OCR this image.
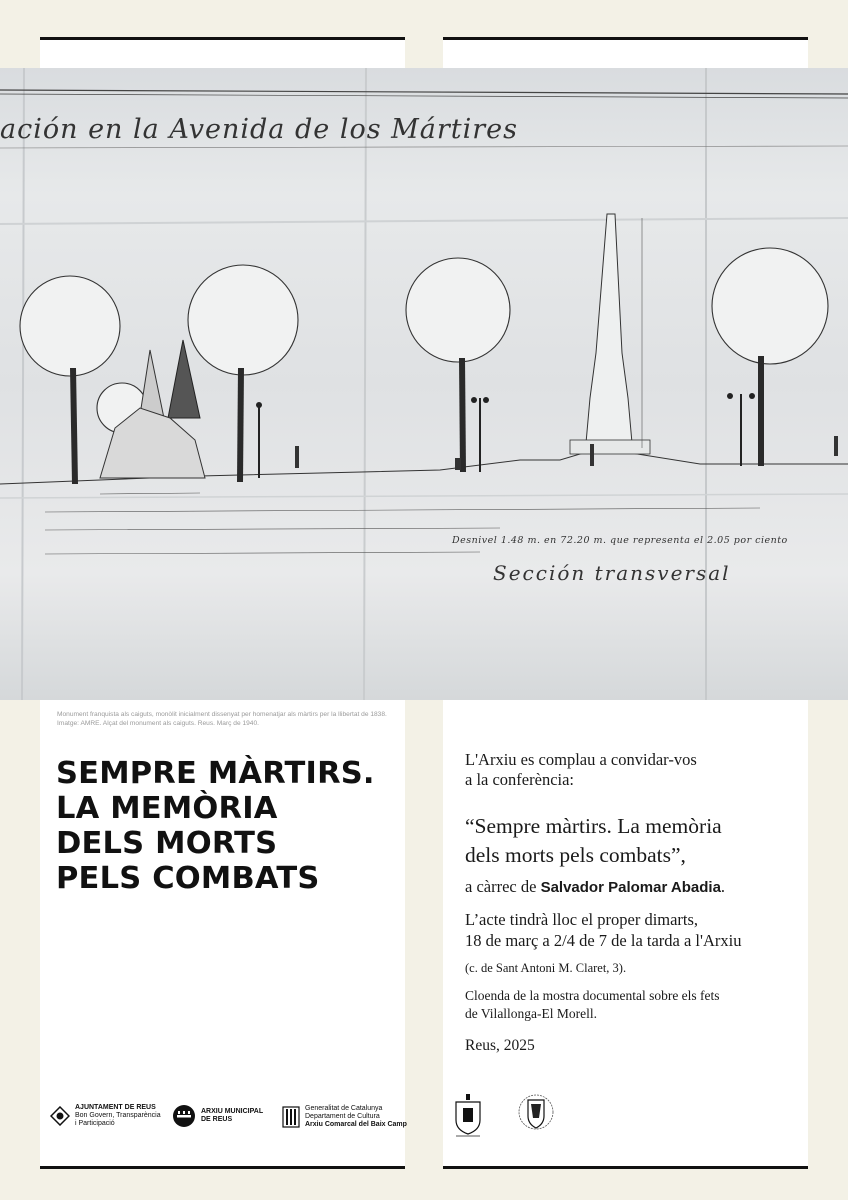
ación en la Avenida de los Mártires
Desnivel 1.48 m. en 72.20 m. que representa el 2.05 por ciento
Sección transversal
Monument franquista als caiguts, monòlit inicialment dissenyat per homenatjar als màrtirs per la llibertat de 1838.
Imatge: AMRE. Alçat del monument als caiguts. Reus. Març de 1940.
SEMPRE MÀRTIRS.
LA MEMÒRIA
DELS MORTS
PELS COMBATS
L'Arxiu es complau a convidar-vos
a la conferència:
“Sempre màrtirs. La memòria
dels morts pels combats”,
a càrrec de Salvador Palomar Abadia.
L’acte tindrà lloc el proper dimarts,
18 de març a 2/4 de 7 de la tarda a l'Arxiu
(c. de Sant Antoni M. Claret, 3).
Cloenda de la mostra documental sobre els fets
de Vilallonga-El Morell.
Reus, 2025
AJUNTAMENT DE REUS
Bon Govern, Transparència
i Participació
ARXIU MUNICIPAL
DE REUS
Generalitat de Catalunya
Departament de Cultura
Arxiu Comarcal del Baix Camp
